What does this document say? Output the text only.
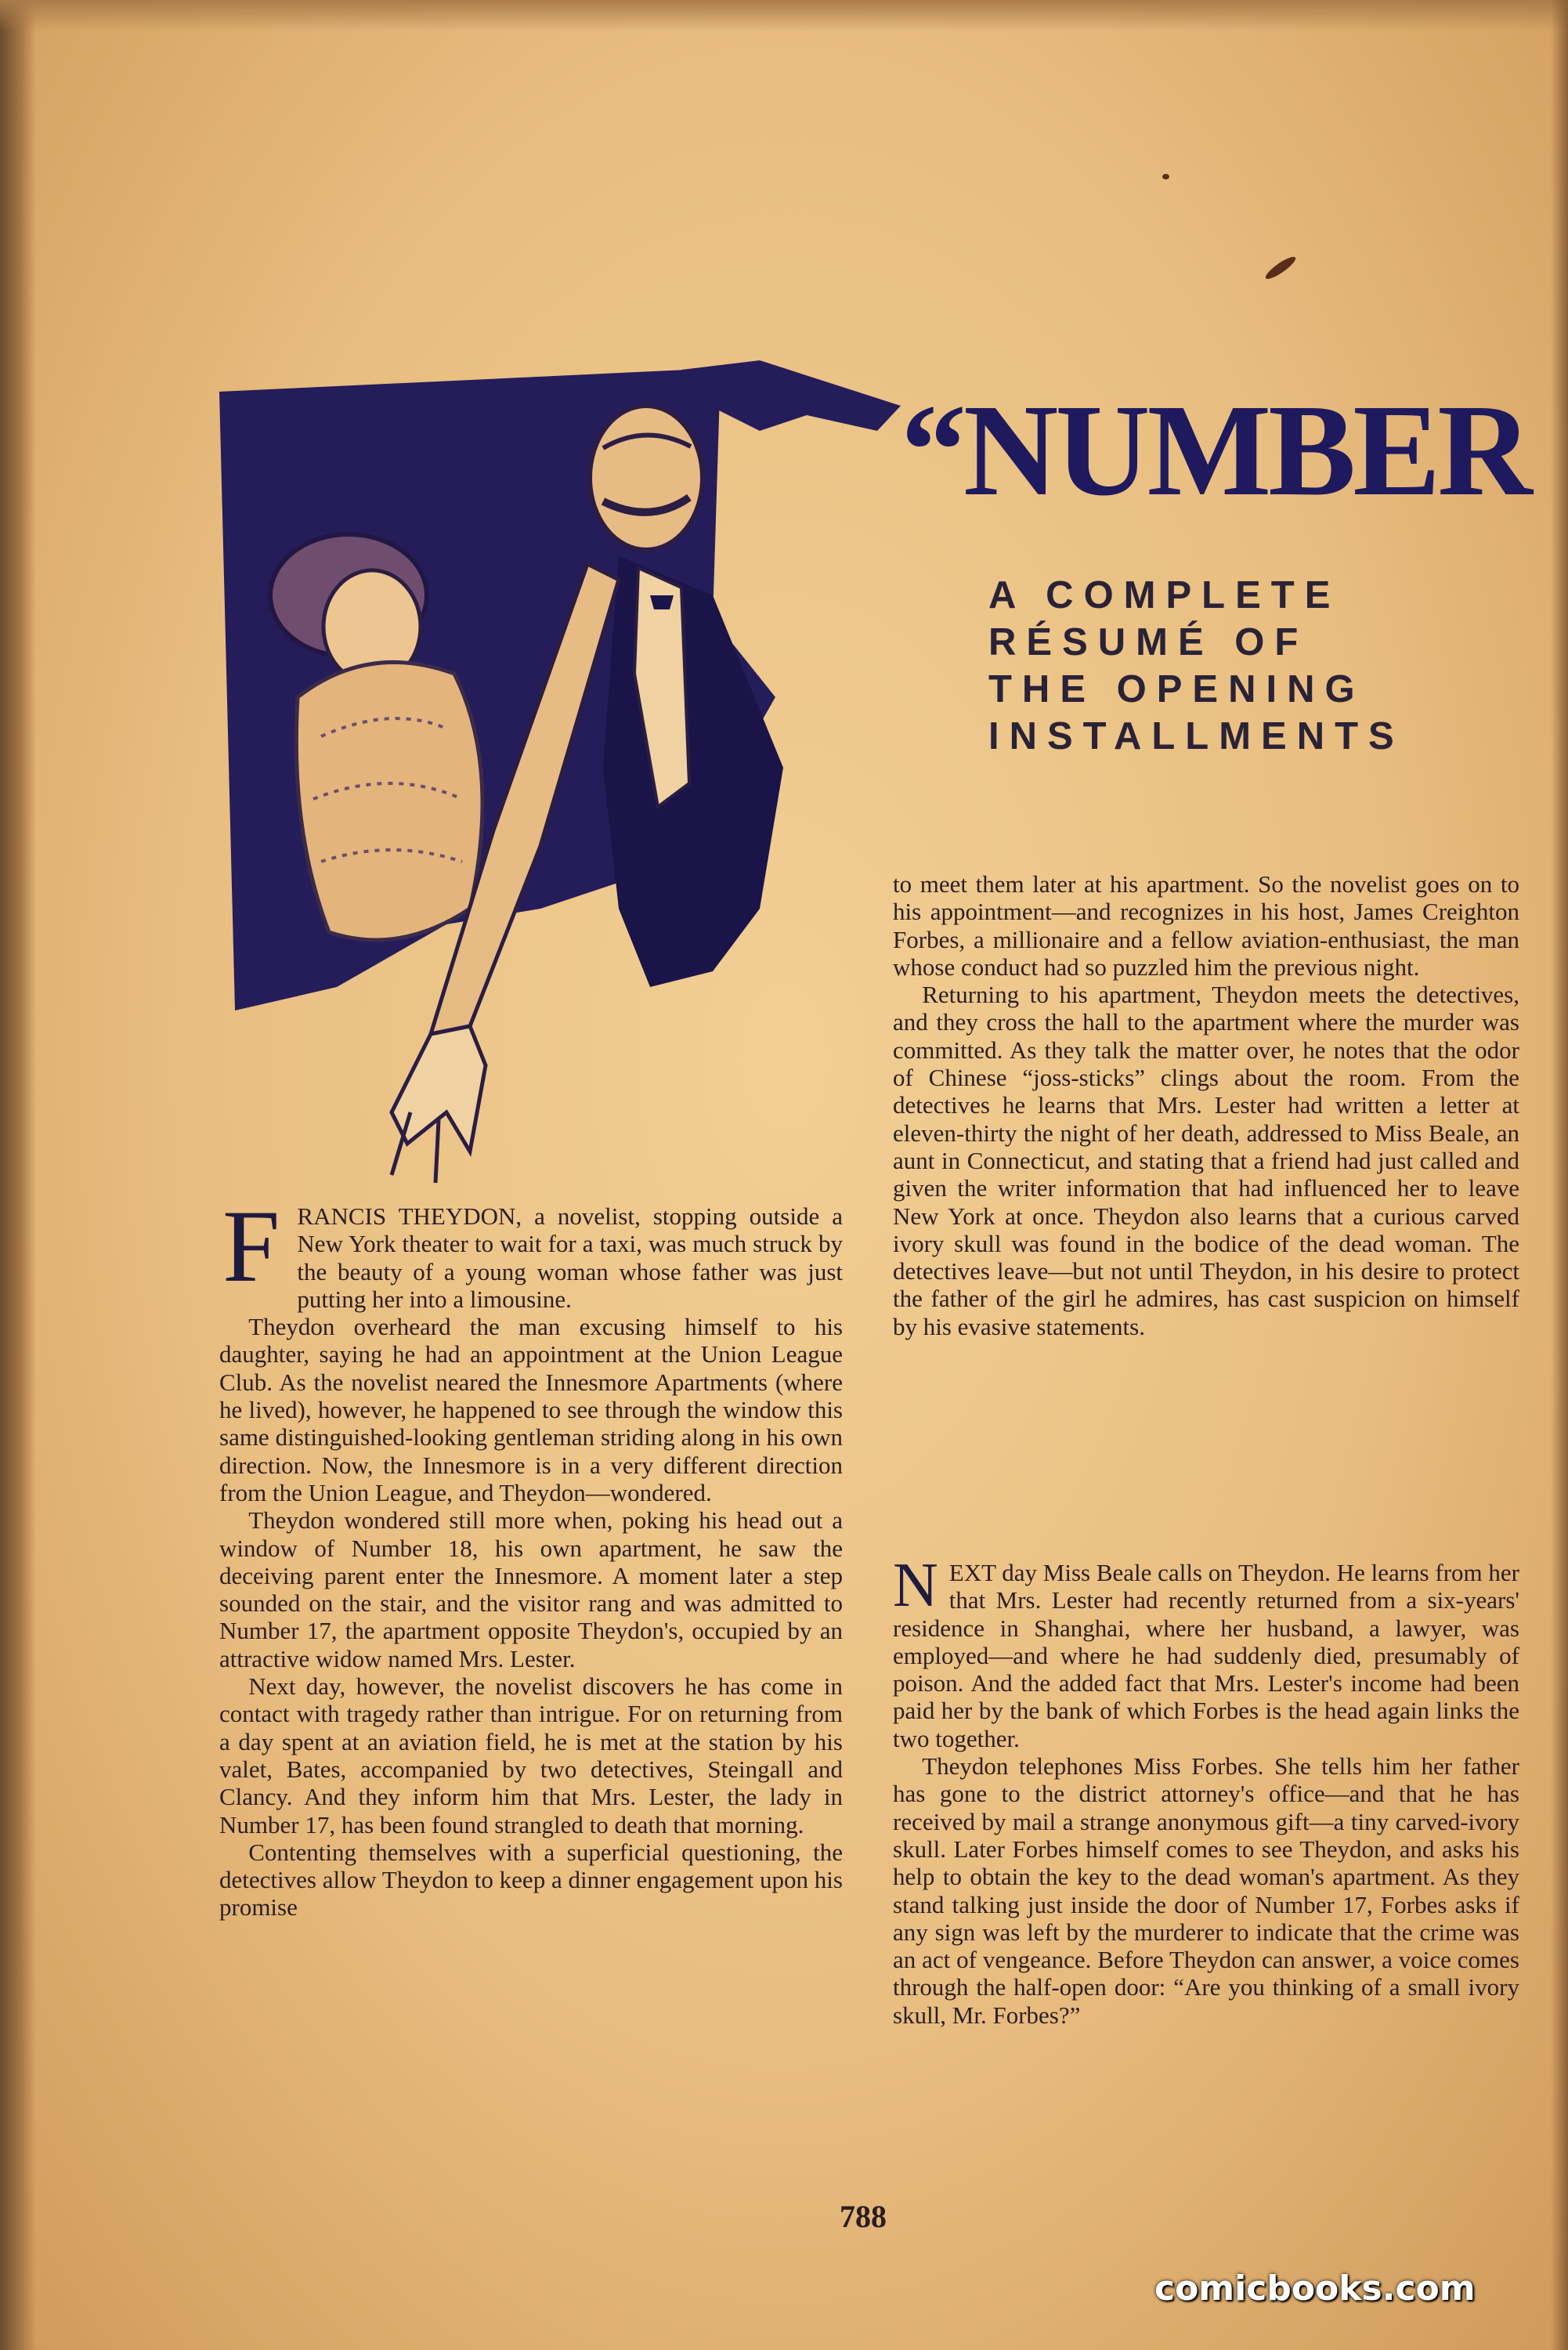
“NUMBER
A COMPLETE
RÉSUMÉ OF
THE OPENING
INSTALLMENTS

FRANCIS THEYDON, a novelist, stopping outside a New York theater to wait for a taxi, was much struck by the beauty of a young woman whose father was just putting her into a limousine.

Theydon overheard the man excusing himself to his daughter, saying he had an appointment at the Union League Club. As the novelist neared the Innesmore Apartments (where he lived), however, he happened to see through the window this same distinguished-looking gentleman striding along in his own direction. Now, the Innesmore is in a very different direction from the Union League, and Theydon—wondered.

Theydon wondered still more when, poking his head out a window of Number 18, his own apartment, he saw the deceiving parent enter the Innesmore. A moment later a step sounded on the stair, and the visitor rang and was admitted to Number 17, the apartment opposite Theydon's, occupied by an attractive widow named Mrs. Lester.

Next day, however, the novelist discovers he has come in contact with tragedy rather than intrigue. For on returning from a day spent at an aviation field, he is met at the station by his valet, Bates, accompanied by two detectives, Steingall and Clancy. And they inform him that Mrs. Lester, the lady in Number 17, has been found strangled to death that morning.

Contenting themselves with a superficial questioning, the detectives allow Theydon to keep a dinner engagement upon his promise

to meet them later at his apartment. So the novelist goes on to his appointment—and recognizes in his host, James Creighton Forbes, a millionaire and a fellow aviation-enthusiast, the man whose conduct had so puzzled him the previous night.

Returning to his apartment, Theydon meets the detectives, and they cross the hall to the apartment where the murder was committed. As they talk the matter over, he notes that the odor of Chinese “joss-sticks” clings about the room. From the detectives he learns that Mrs. Lester had written a letter at eleven-thirty the night of her death, addressed to Miss Beale, an aunt in Connecticut, and stating that a friend had just called and given the writer information that had influenced her to leave New York at once. Theydon also learns that a curious carved ivory skull was found in the bodice of the dead woman. The detectives leave—but not until Theydon, in his desire to protect the father of the girl he admires, has cast suspicion on himself by his evasive statements.

NEXT day Miss Beale calls on Theydon. He learns from her that Mrs. Lester had recently returned from a six-years' residence in Shanghai, where her husband, a lawyer, was employed—and where he had suddenly died, presumably of poison. And the added fact that Mrs. Lester's income had been paid her by the bank of which Forbes is the head again links the two together.

Theydon telephones Miss Forbes. She tells him her father has gone to the district attorney's office—and that he has received by mail a strange anonymous gift—a tiny carved-ivory skull. Later Forbes himself comes to see Theydon, and asks his help to obtain the key to the dead woman's apartment. As they stand talking just inside the door of Number 17, Forbes asks if any sign was left by the murderer to indicate that the crime was an act of vengeance. Before Theydon can answer, a voice comes through the half-open door: “Are you thinking of a small ivory skull, Mr. Forbes?”

788
comicbooks.com
